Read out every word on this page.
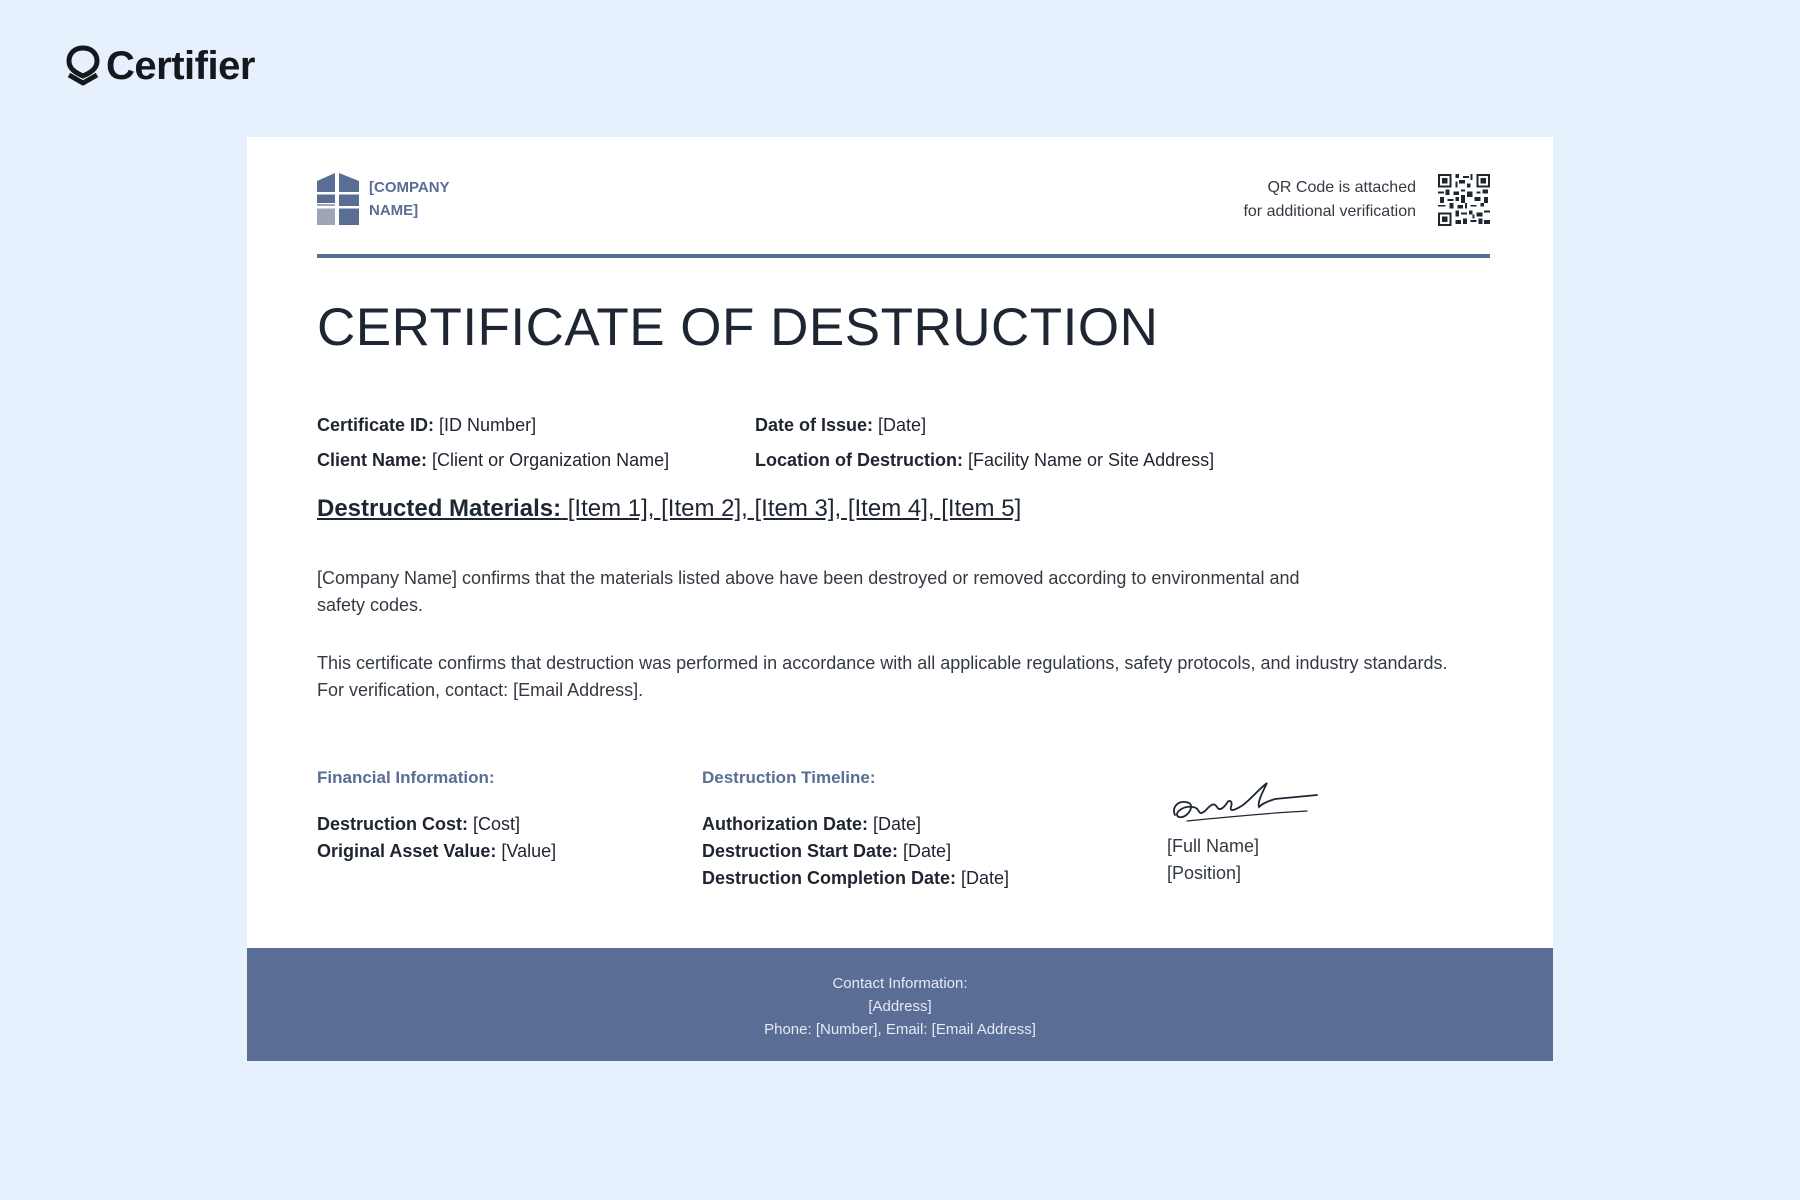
Certifier
[COMPANY NAME]
QR Code is attached
for additional verification
CERTIFICATE OF DESTRUCTION
Certificate ID: [ID Number]
Client Name: [Client or Organization Name]
Date of Issue: [Date]
Location of Destruction: [Facility Name or Site Address]
Destructed Materials: [Item 1], [Item 2], [Item 3], [Item 4], [Item 5]

[Company Name] confirms that the materials listed above have been destroyed or removed according to environmental and safety codes.

This certificate confirms that destruction was performed in accordance with all applicable regulations, safety protocols, and industry standards. For verification, contact: [Email Address].

Financial Information:
Destruction Cost: [Cost]
Original Asset Value: [Value]
Destruction Timeline:
Authorization Date: [Date]
Destruction Start Date: [Date]
Destruction Completion Date: [Date]
[Full Name]
[Position]
Contact Information:
[Address]
Phone: [Number], Email: [Email Address]
